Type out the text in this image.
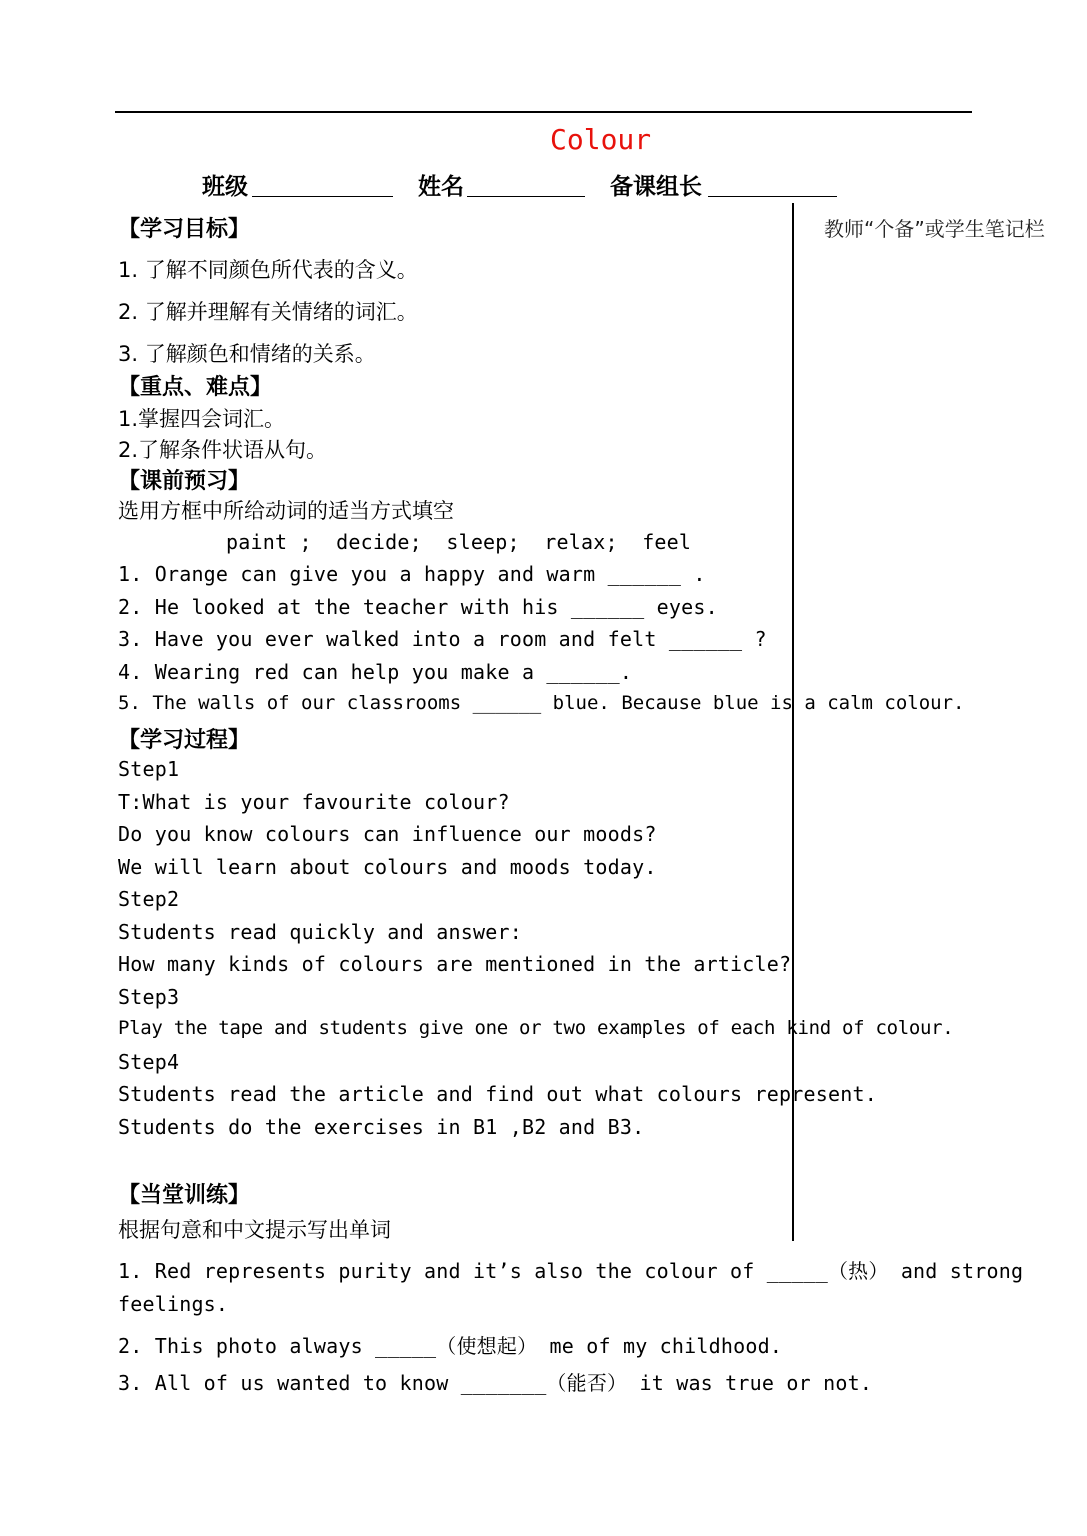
Colour
班级	姓名	备课组长
教师“个备”或学生笔记栏
【学习目标】
1. 了解不同颜色所代表的含义。
2. 了解并理解有关情绪的词汇。
3. 了解颜色和情绪的关系。
【重点、难点】
1.掌握四会词汇。
2.了解条件状语从句。
【课前预习】
选用方框中所给动词的适当方式填空
paint ;  decide;  sleep;  relax;  feel
1. Orange can give you a happy and warm ______ .
2. He looked at the teacher with his ______ eyes.
3. Have you ever walked into a room and felt ______ ?
4. Wearing red can help you make a ______.
5. The walls of our classrooms ______ blue. Because blue is a calm colour.
【学习过程】
Step1
T:What is your favourite colour?
Do you know colours can influence our moods?
We will learn about colours and moods today.
Step2
Students read quickly and answer:
How many kinds of colours are mentioned in the article?
Step3
Play the tape and students give one or two examples of each kind of colour.
Step4
Students read the article and find out what colours represent.
Students do the exercises in B1 ,B2 and B3.
【当堂训练】
根据句意和中文提示写出单词
1. Red represents purity and it’s also the colour of _____（热） and strong
feelings.
2. This photo always _____（使想起） me of my childhood.
3. All of us wanted to know _______（能否） it was true or not.
